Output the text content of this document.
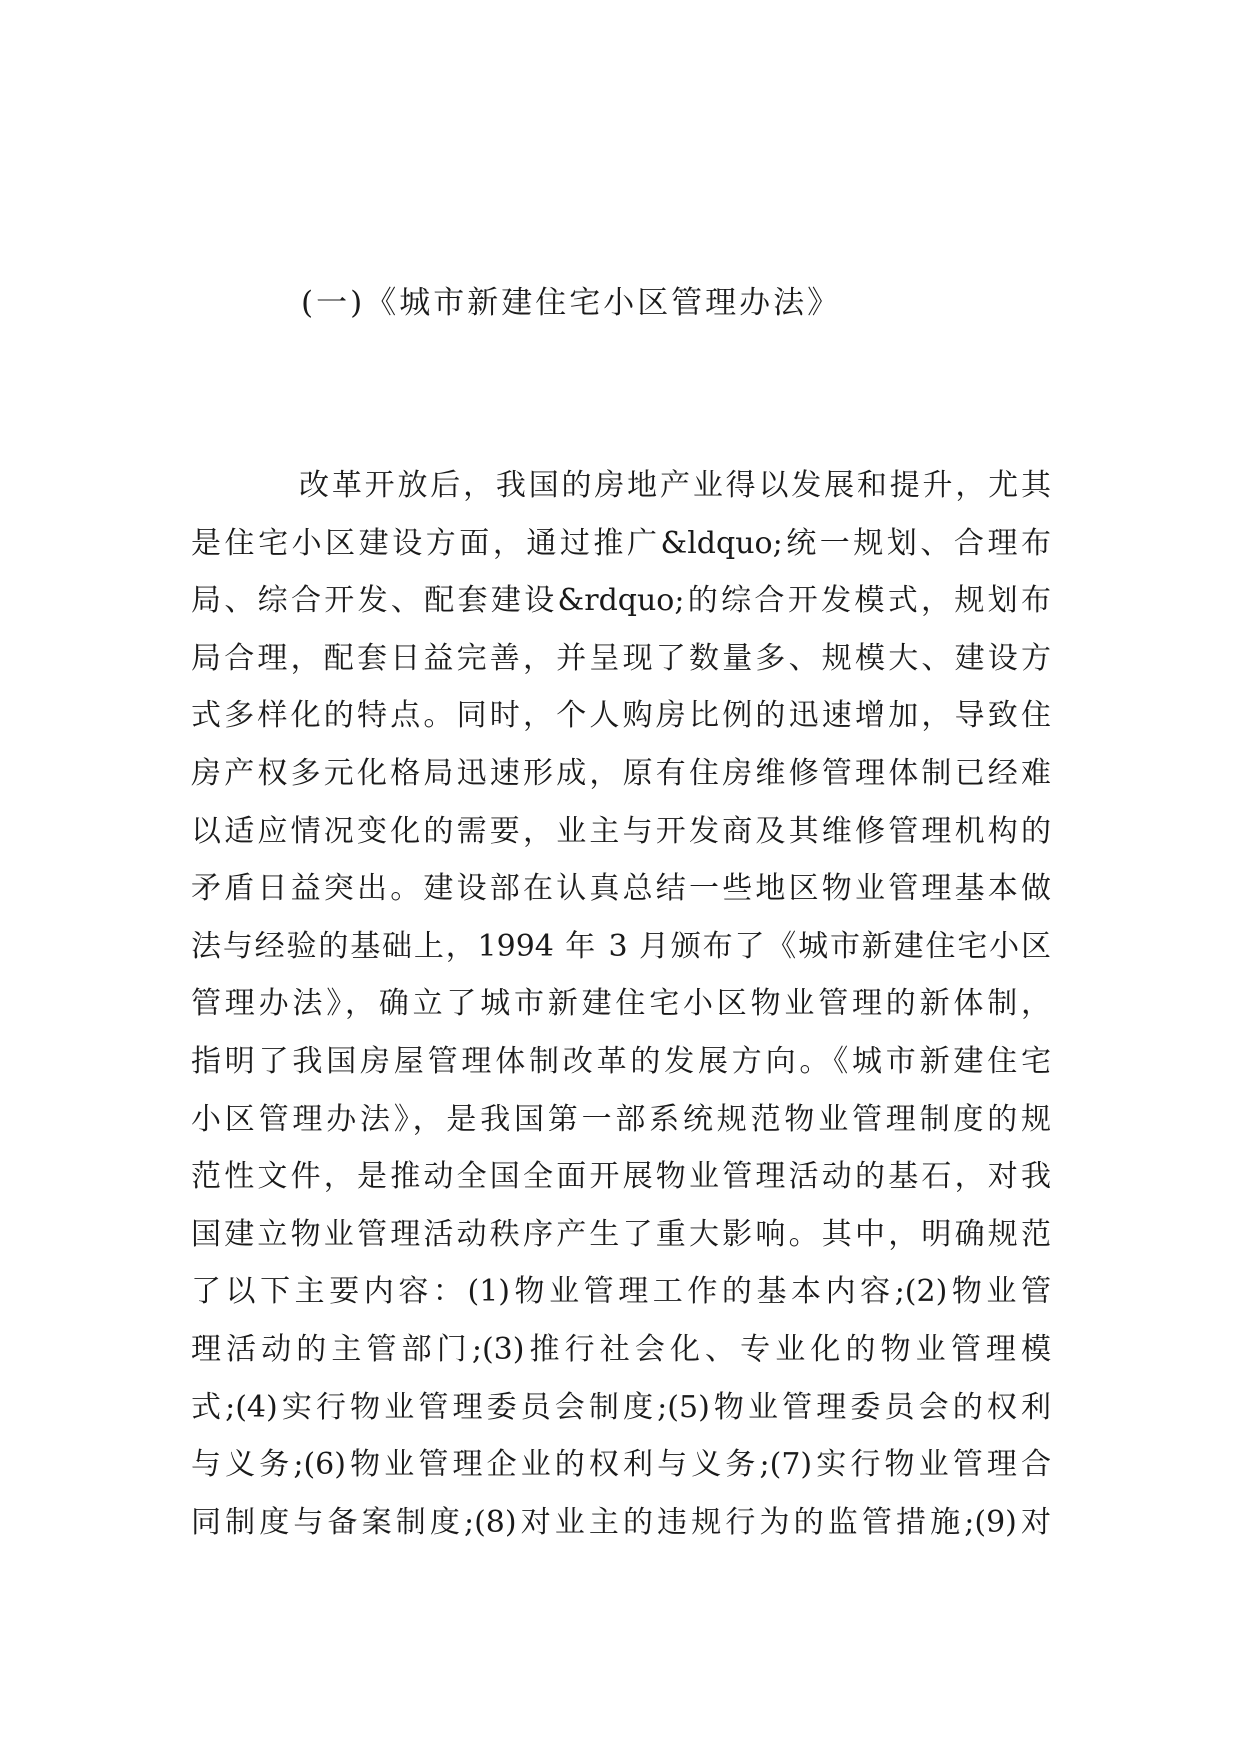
(一)《城市新建住宅小区管理办法》
改革开放后，我国的房地产业得以发展和提升，尤其
是住宅小区建设方面，通过推广&ldquo;统一规划、合理布
局、综合开发、配套建设&rdquo;的综合开发模式，规划布
局合理，配套日益完善，并呈现了数量多、规模大、建设方
式多样化的特点。同时，个人购房比例的迅速增加，导致住
房产权多元化格局迅速形成，原有住房维修管理体制已经难
以适应情况变化的需要，业主与开发商及其维修管理机构的
矛盾日益突出。建设部在认真总结一些地区物业管理基本做
法与经验的基础上，1994 年 3 月颁布了《城市新建住宅小区
管理办法》，确立了城市新建住宅小区物业管理的新体制，
指明了我国房屋管理体制改革的发展方向。《城市新建住宅
小区管理办法》，是我国第一部系统规范物业管理制度的规
范性文件，是推动全国全面开展物业管理活动的基石，对我
国建立物业管理活动秩序产生了重大影响。其中，明确规范
了以下主要内容：(1)物业管理工作的基本内容;(2)物业管
理活动的主管部门;(3)推行社会化、专业化的物业管理模
式;(4)实行物业管理委员会制度;(5)物业管理委员会的权利
与义务;(6)物业管理企业的权利与义务;(7)实行物业管理合
同制度与备案制度;(8)对业主的违规行为的监管措施;(9)对
